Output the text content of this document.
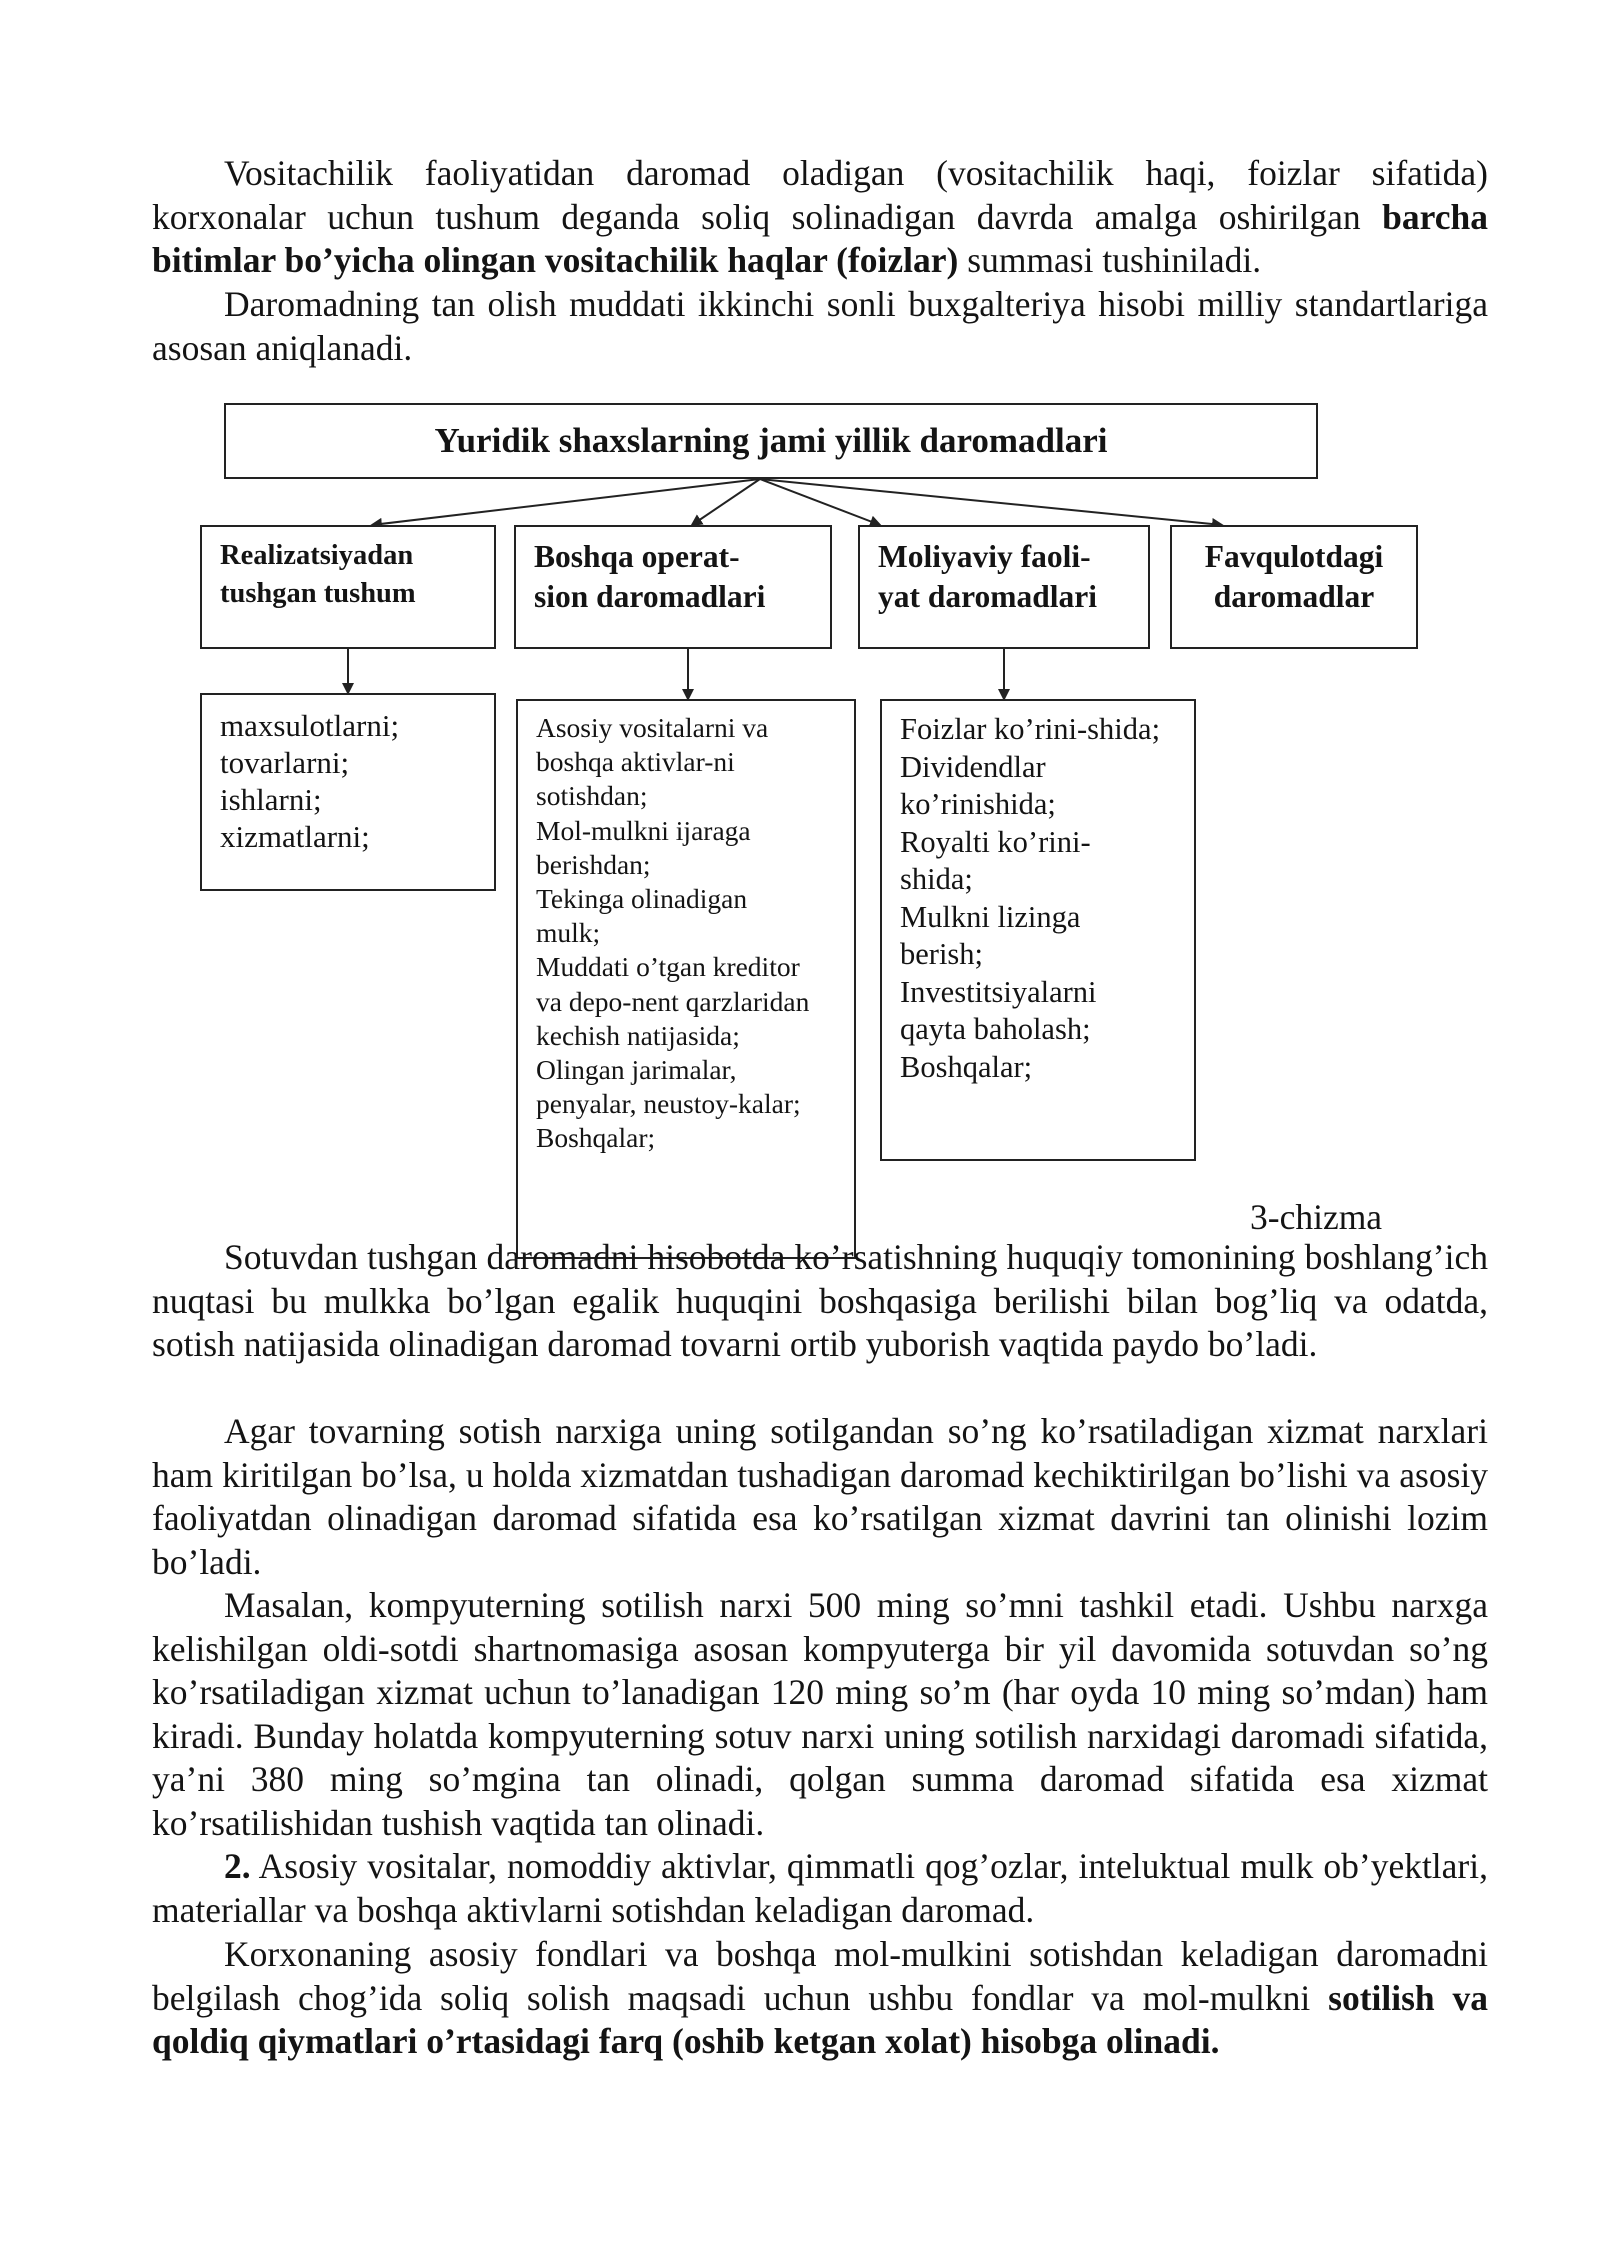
Vositachilik faoliyatidan daromad oladigan (vositachilik haqi, foizlar sifatida) korxonalar uchun tushum deganda soliq solinadigan davrda amalga oshirilgan barcha bitimlar bo’yicha olingan vositachilik haqlar (foizlar) summasi tushiniladi.

Daromadning tan olish muddati ikkinchi sonli buxgalteriya hisobi milliy standartlariga asosan aniqlanadi.

Yuridik shaxslarning jami yillik daromadlari
Realizatsiyadan
tushgan tushum
Boshqa operat-
sion daromadlari
Moliyaviy faoli-
yat daromadlari
Favqulotdagi
daromadlar
maxsulotlarni;
tovarlarni;
ishlarni;
xizmatlarni;
Asosiy vositalarni va
boshqa aktivlar-ni
sotishdan;
Mol-mulkni ijaraga
berishdan;
Tekinga olinadigan
mulk;
Muddati o’tgan kreditor
va depo-nent qarzlaridan
kechish natijasida;
Olingan jarimalar,
penyalar, neustoy-kalar;
Boshqalar;
Foizlar ko’rini-shida;
Dividendlar
ko’rinishida;
Royalti ko’rini-
shida;
Mulkni lizinga
berish;
Investitsiyalarni
qayta baholash;
Boshqalar;
3-chizma

Sotuvdan tushgan daromadni hisobotda ko’rsatishning huquqiy tomonining boshlang’ich nuqtasi bu mulkka bo’lgan egalik huquqini boshqasiga berilishi bilan bog’liq va odatda, sotish natijasida olinadigan daromad tovarni ortib yuborish vaqtida paydo bo’ladi.

Agar tovarning sotish narxiga uning sotilgandan so’ng ko’rsatiladigan xizmat narxlari ham kiritilgan bo’lsa, u holda xizmatdan tushadigan daromad kechiktirilgan bo’lishi va asosiy faoliyatdan olinadigan daromad sifatida esa ko’rsatilgan xizmat davrini tan olinishi lozim bo’ladi.

Masalan, kompyuterning sotilish narxi 500 ming so’mni tashkil etadi. Ushbu narxga kelishilgan oldi-sotdi shartnomasiga asosan kompyuterga bir yil davomida sotuvdan so’ng ko’rsatiladigan xizmat uchun to’lanadigan 120 ming so’m (har oyda 10 ming so’mdan) ham kiradi. Bunday holatda kompyuterning sotuv narxi uning sotilish narxidagi daromadi sifatida, ya’ni 380 ming so’mgina tan olinadi, qolgan summa daromad sifatida esa xizmat ko’rsatilishidan tushish vaqtida tan olinadi.

2. Asosiy vositalar, nomoddiy aktivlar, qimmatli qog’ozlar, inteluktual mulk ob’yektlari, materiallar va boshqa aktivlarni sotishdan keladigan daromad.

Korxonaning asosiy fondlari va boshqa mol-mulkini sotishdan keladigan daromadni belgilash chog’ida soliq solish maqsadi uchun ushbu fondlar va mol-mulkni sotilish va qoldiq qiymatlari o’rtasidagi farq (oshib ketgan xolat) hisobga olinadi.
